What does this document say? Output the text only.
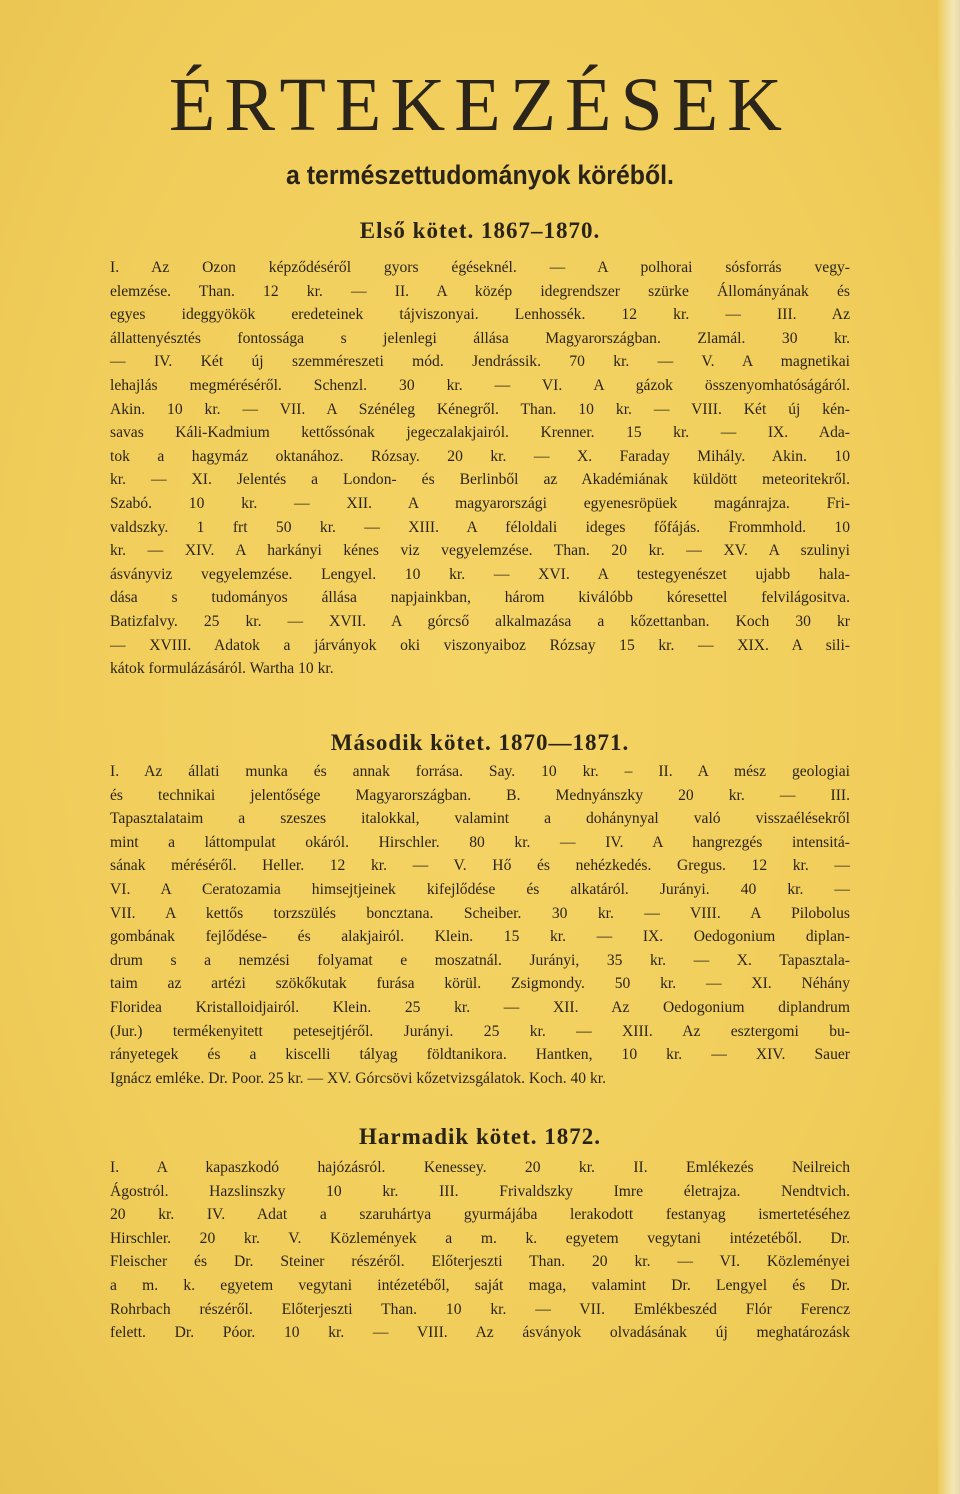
ÉRTEKEZÉSEK
a természettudományok köréből.
Első kötet. 1867–1870.
I. Az Ozon képződéséről gyors égéseknél. — A polhorai sósforrás vegy-
elemzése. Than. 12 kr. — II. A közép idegrendszer szürke Állományának és
egyes ideggyökök eredeteinek tájviszonyai. Lenhossék. 12 kr. — III. Az
állattenyésztés fontossága s jelenlegi állása Magyarországban. Zlamál. 30 kr.
— IV. Két új szemméreszeti mód. Jendrássik. 70 kr. — V. A magnetikai
lehajlás megméréséről. Schenzl. 30 kr. — VI. A gázok összenyomhatóságáról.
Akin. 10 kr. — VII. A Szénéleg Kénegről. Than. 10 kr. — VIII. Két új kén-
savas Káli-Kadmium kettőssónak jegeczalakjairól. Krenner. 15 kr. — IX. Ada-
tok a hagymáz oktanához. Rózsay. 20 kr. — X. Faraday Mihály. Akin. 10
kr. — XI. Jelentés a London- és Berlinből az Akadémiának küldött meteoritekről.
Szabó. 10 kr. — XII. A magyarországi egyenesröpüek magánrajza. Fri-
valdszky. 1 frt 50 kr. — XIII. A féloldali ideges főfájás. Frommhold. 10
kr. — XIV. A harkányi kénes viz vegyelemzése. Than. 20 kr. — XV. A szulinyi
ásványviz vegyelemzése. Lengyel. 10 kr. — XVI. A testegyenészet ujabb hala-
dása s tudományos állása napjainkban, három kiválóbb kóresettel felvilágositva.
Batizfalvy. 25 kr. — XVII. A górcső alkalmazása a kőzettanban. Koch 30 kr
— XVIII. Adatok a járványok oki viszonyaiboz Rózsay 15 kr. — XIX. A sili-
kátok formulázásáról. Wartha 10 kr.
Második kötet. 1870—1871.
I. Az állati munka és annak forrása. Say. 10 kr. – II. A mész geologiai
és technikai jelentősége Magyarországban. B. Mednyánszky 20 kr. — III.
Tapasztalataim a szeszes italokkal, valamint a dohánynyal való visszaélésekről
mint a láttompulat okáról. Hirschler. 80 kr. — IV. A hangrezgés intensitá-
sának méréséről. Heller. 12 kr. — V. Hő és nehézkedés. Gregus. 12 kr. —
VI. A Ceratozamia himsejtjeinek kifejlődése és alkatáról. Jurányi. 40 kr. —
VII. A kettős torzszülés boncztana. Scheiber. 30 kr. — VIII. A Pilobolus
gombának fejlődése- és alakjairól. Klein. 15 kr. — IX. Oedogonium diplan-
drum s a nemzési folyamat e moszatnál. Jurányi, 35 kr. — X. Tapasztala-
taim az artézi szökőkutak furása körül. Zsigmondy. 50 kr. — XI. Néhány
Floridea Kristalloidjairól. Klein. 25 kr. — XII. Az Oedogonium diplandrum
(Jur.) termékenyitett petesejtjéről. Jurányi. 25 kr. — XIII. Az esztergomi bu-
rányetegek és a kiscelli tályag földtanikora. Hantken, 10 kr. — XIV. Sauer
Ignácz emléke. Dr. Poor. 25 kr. — XV. Górcsövi kőzetvizsgálatok. Koch. 40 kr.
Harmadik kötet. 1872.
I. A kapaszkodó hajózásról. Kenessey. 20 kr. II. Emlékezés Neilreich
Ágostról. Hazslinszky 10 kr. III. Frivaldszky Imre életrajza. Nendtvich.
20 kr. IV. Adat a szaruhártya gyurmájába lerakodott festanyag ismertetéséhez
Hirschler. 20 kr. V. Közlemények a m. k. egyetem vegytani intézetéből. Dr.
Fleischer és Dr. Steiner részéről. Előterjeszti Than. 20 kr. — VI. Közleményei
a m. k. egyetem vegytani intézetéből, saját maga, valamint Dr. Lengyel és Dr.
Rohrbach részéről. Előterjeszti Than. 10 kr. — VII. Emlékbeszéd Flór Ferencz
felett. Dr. Póor. 10 kr. — VIII. Az ásványok olvadásának új meghatározásk
